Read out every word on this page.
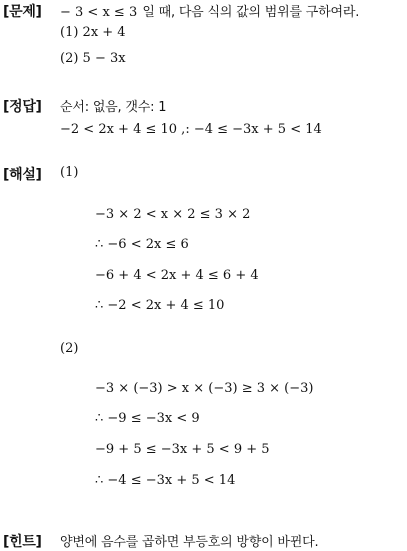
[문제] − 3 < x ≤ 3 일 때, 다음 식의 값의 범위를 구하여라.
(1) 2x + 4
(2) 5 − 3x
[정답] 순서: 없음, 갯수: 1
−2 < 2x + 4 ≤ 10 ,: −4 ≤ −3x + 5 < 14
[해설] (1)
−3 × 2 < x × 2 ≤ 3 × 2
∴ −6 < 2x ≤ 6
−6 + 4 < 2x + 4 ≤ 6 + 4
∴ −2 < 2x + 4 ≤ 10
(2)
−3 × (−3) > x × (−3) ≥ 3 × (−3)
∴ −9 ≤ −3x < 9
−9 + 5 ≤ −3x + 5 < 9 + 5
∴ −4 ≤ −3x + 5 < 14
[힌트] 양변에 음수를 곱하면 부등호의 방향이 바뀐다.
